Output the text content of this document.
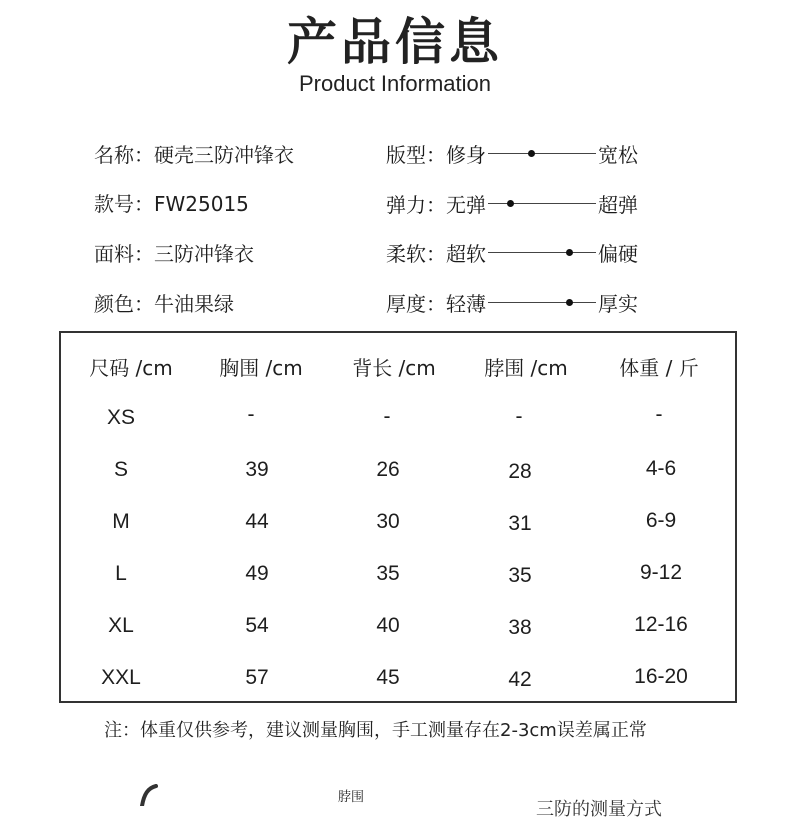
产品信息
Product Information
名称：硬壳三防冲锋衣
款号：FW25015
面料：三防冲锋衣
颜色：牛油果绿
版型：修身	宽松
弹力：无弹	超弹
柔软：超软	偏硬
厚度：轻薄	厚实
尺码 /cm	胸围 /cm	背长 /cm	脖围 /cm	体重 / 斤
XS	-	-	-	-
S	39	26	28	4-6
M	44	30	31	6-9
L	49	35	35	9-12
XL	54	40	38	12-16
XXL	57	45	42	16-20
注：体重仅供参考，建议测量胸围，手工测量存在2-3cm误差属正常
脖围
三防的测量方式
